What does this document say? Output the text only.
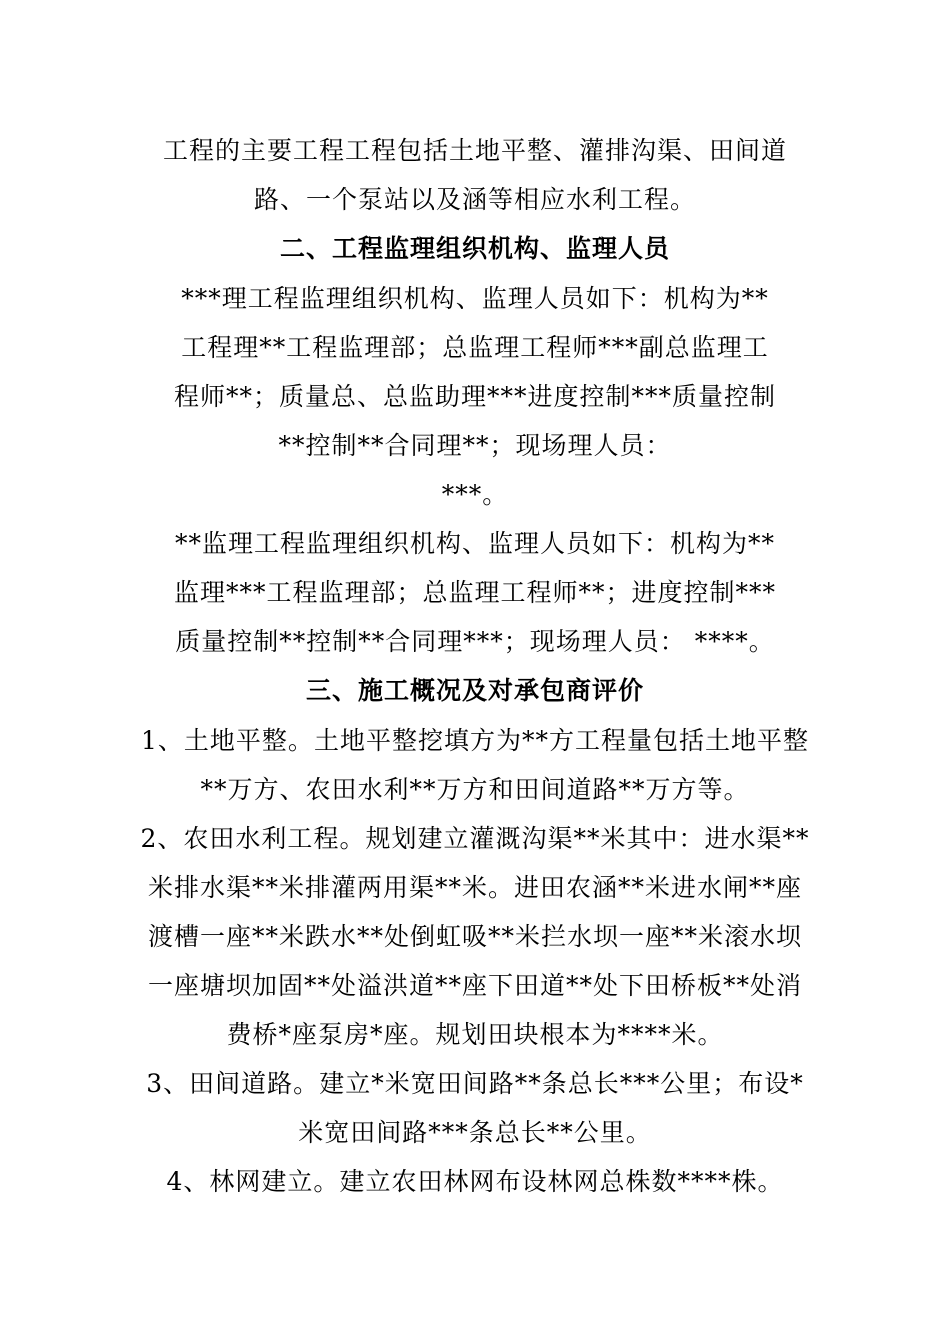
工程的主要工程工程包括土地平整、灌排沟渠、田间道
路、一个泵站以及涵等相应水利工程。

二、工程监理组织机构、监理人员

***理工程监理组织机构、监理人员如下：机构为**
工程理**工程监理部；总监理工程师***副总监理工
程师**；质量总、总监助理***进度控制***质量控制
**控制**合同理**；现场理人员：
***。

**监理工程监理组织机构、监理人员如下：机构为**
监理***工程监理部；总监理工程师**；进度控制***
质量控制**控制**合同理***；现场理人员： ****。

三、施工概况及对承包商评价

1、土地平整。土地平整挖填方为**方工程量包括土地平整
**万方、农田水利**万方和田间道路**万方等。

2、农田水利工程。规划建立灌溉沟渠**米其中：进水渠**
米排水渠**米排灌两用渠**米。进田农涵**米进水闸**座
渡槽一座**米跌水**处倒虹吸**米拦水坝一座**米滚水坝
一座塘坝加固**处溢洪道**座下田道**处下田桥板**处消
费桥*座泵房*座。规划田块根本为****米。

3、田间道路。建立*米宽田间路**条总长***公里；布设*
米宽田间路***条总长**公里。

4、林网建立。建立农田林网布设林网总株数****株。
